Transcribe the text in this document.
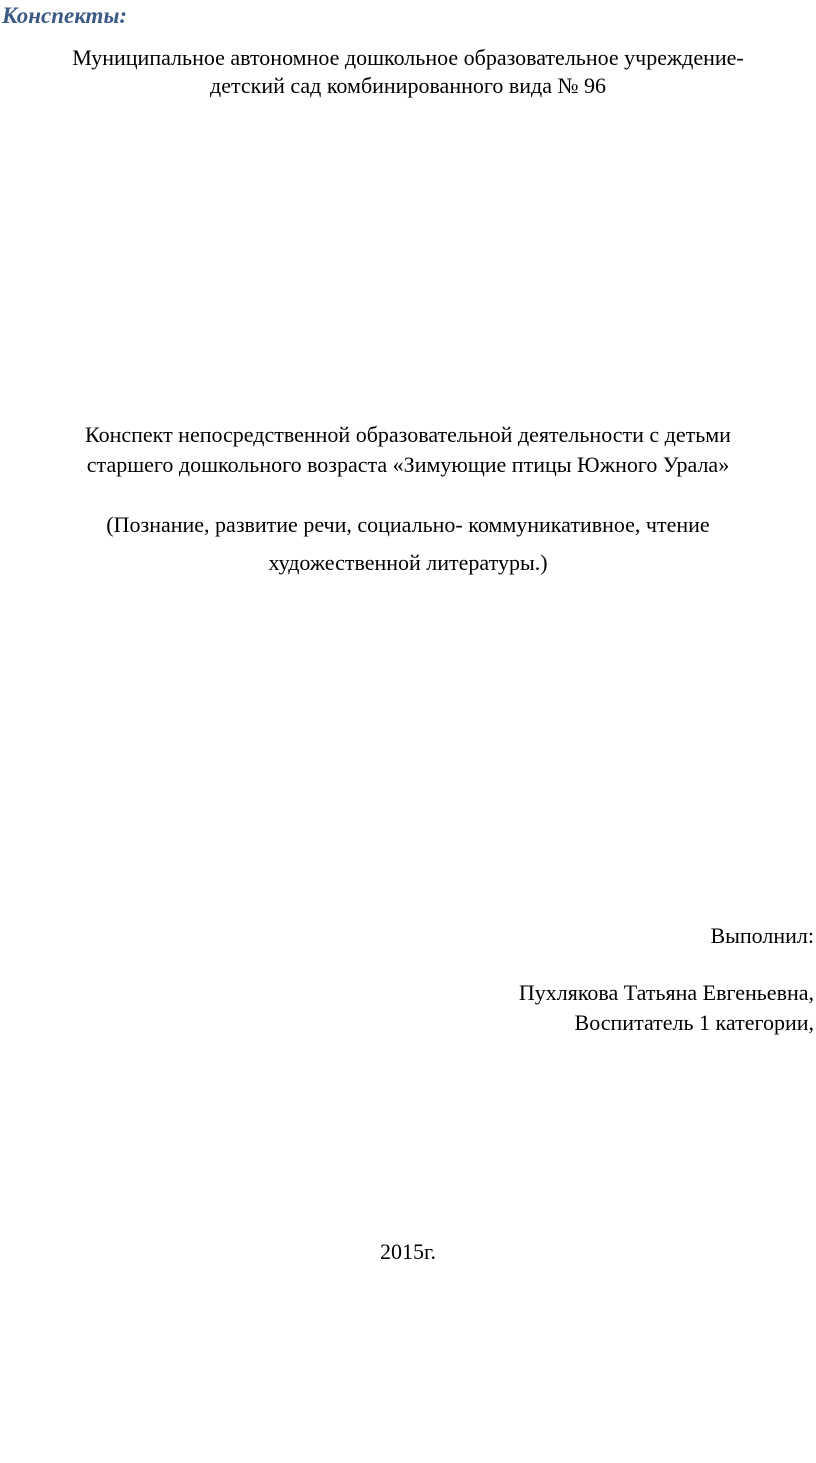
Конспекты:
Муниципальное автономное дошкольное образовательное учреждение-
детский сад комбинированного вида № 96
Конспект непосредственной образовательной деятельности с детьми
старшего дошкольного возраста «Зимующие птицы Южного Урала»
(Познание, развитие речи, социально- коммуникативное, чтение
художественной литературы.)
Выполнил:
Пухлякова Татьяна Евгеньевна,
Воспитатель 1 категории,
2015г.
